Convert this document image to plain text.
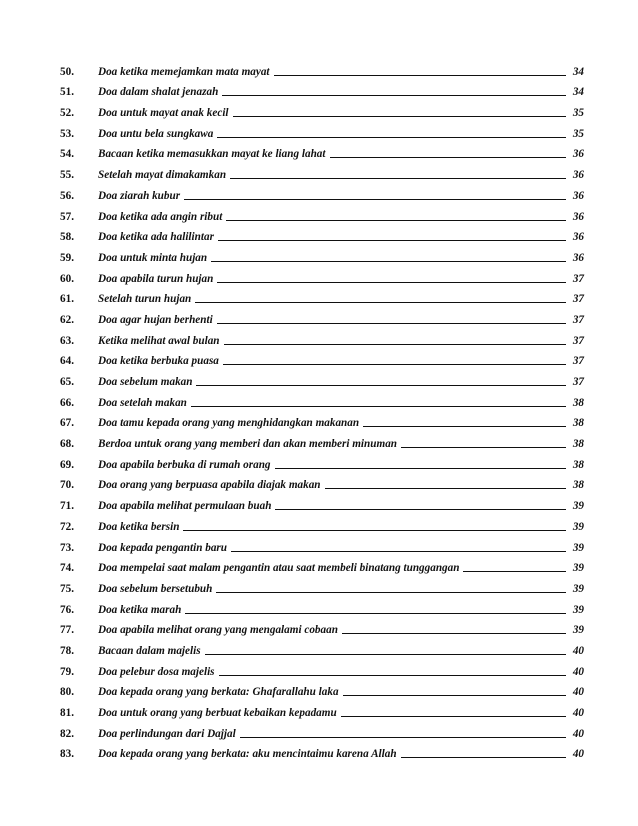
50.	Doa ketika memejamkan mata mayat	34
51.	Doa dalam shalat jenazah	34
52.	Doa untuk mayat anak kecil	35
53.	Doa untu bela sungkawa	35
54.	Bacaan ketika memasukkan mayat ke liang lahat	36
55.	Setelah mayat dimakamkan	36
56.	Doa ziarah kubur	36
57.	Doa ketika ada angin ribut	36
58.	Doa ketika ada halilintar	36
59.	Doa untuk minta hujan	36
60.	Doa apabila turun hujan	37
61.	Setelah turun hujan	37
62.	Doa agar hujan berhenti	37
63.	Ketika melihat awal bulan	37
64.	Doa ketika berbuka puasa	37
65.	Doa sebelum makan	37
66.	Doa setelah makan	38
67.	Doa tamu kepada orang yang menghidangkan makanan	38
68.	Berdoa untuk orang yang memberi dan akan memberi minuman	38
69.	Doa apabila berbuka di rumah orang	38
70.	Doa orang yang berpuasa apabila diajak makan	38
71.	Doa apabila melihat permulaan buah	39
72.	Doa ketika bersin	39
73.	Doa kepada pengantin baru	39
74.	Doa mempelai saat malam pengantin atau saat membeli binatang tunggangan	39
75.	Doa sebelum bersetubuh	39
76.	Doa ketika marah	39
77.	Doa apabila melihat orang yang mengalami cobaan	39
78.	Bacaan dalam majelis	40
79.	Doa pelebur dosa majelis	40
80.	Doa kepada orang yang berkata: Ghafarallahu laka	40
81.	Doa untuk orang yang berbuat kebaikan kepadamu	40
82.	Doa perlindungan dari Dajjal	40
83.	Doa kepada orang yang berkata: aku mencintaimu karena Allah	40
